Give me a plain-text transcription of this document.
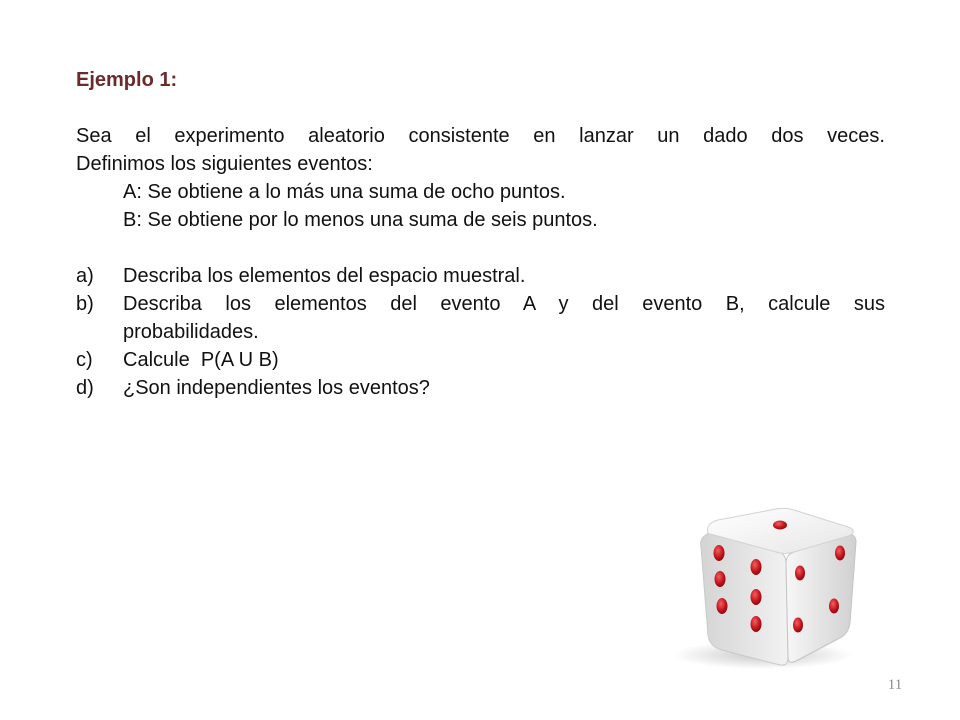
Ejemplo 1:

Sea el experimento aleatorio consistente en lanzar un dado dos veces.
Definimos los siguientes eventos:

A: Se obtiene a lo más una suma de ocho puntos.

B: Se obtiene por lo menos una suma de seis puntos.

a) Describa los elementos del espacio muestral.
b) Describa los elementos del evento A y del evento B, calcule sus
probabilidades.
c) Calcule  P(A U B)
d) ¿Son independientes los eventos?
11
